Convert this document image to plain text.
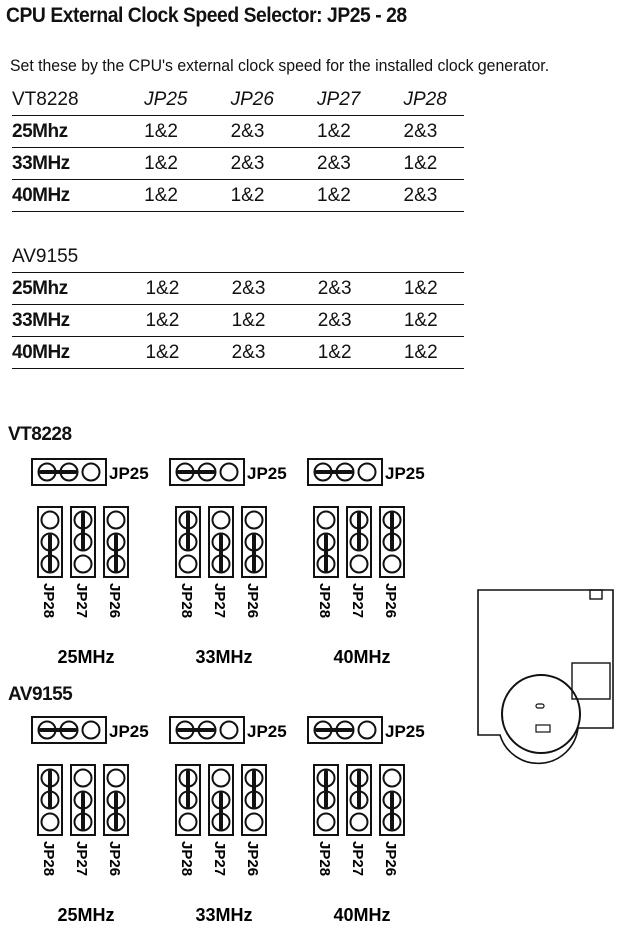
CPU External Clock Speed Selector: JP25 - 28
Set these by the CPU's external clock speed for the installed clock generator.
VT8228	JP25	JP26	JP27	JP28
25Mhz	1&2	2&3	1&2	2&3
33MHz	1&2	2&3	2&3	1&2
40MHz	1&2	1&2	1&2	2&3
AV9155				
25Mhz	1&2	2&3	2&3	1&2
33MHz	1&2	1&2	2&3	1&2
40MHz	1&2	2&3	1&2	1&2
VT8228
AV9155
JP25
JP28 JP27 JP26
25MHz
JP25
JP28 JP27 JP26
33MHz
JP25
JP28 JP27 JP26
40MHz
JP25
JP28 JP27 JP26
25MHz
JP25
JP28 JP27 JP26
33MHz
JP25
JP28 JP27 JP26
40MHz
